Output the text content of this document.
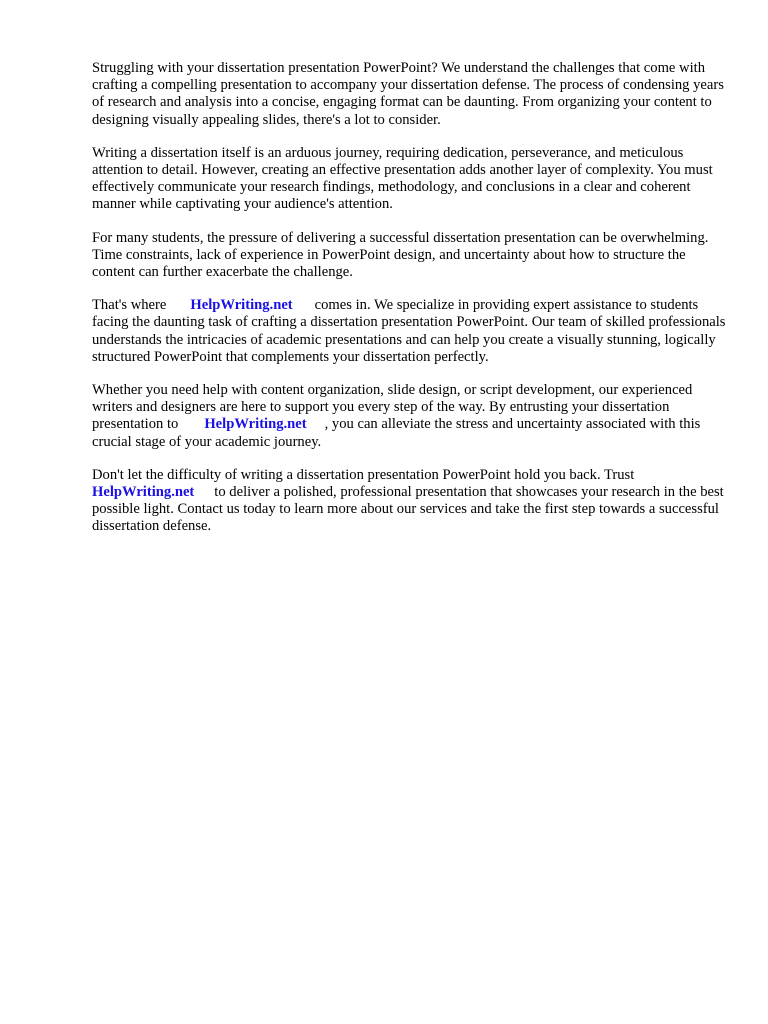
Struggling with your dissertation presentation PowerPoint? We understand the challenges that come with crafting a compelling presentation to accompany your dissertation defense. The process of condensing years of research and analysis into a concise, engaging format can be daunting. From organizing your content to designing visually appealing slides, there's a lot to consider.

Writing a dissertation itself is an arduous journey, requiring dedication, perseverance, and meticulous attention to detail. However, creating an effective presentation adds another layer of complexity. You must effectively communicate your research findings, methodology, and conclusions in a clear and coherent manner while captivating your audience's attention.

For many students, the pressure of delivering a successful dissertation presentation can be overwhelming. Time constraints, lack of experience in PowerPoint design, and uncertainty about how to structure the content can further exacerbate the challenge.

That's where HelpWriting.net comes in. We specialize in providing expert assistance to students facing the daunting task of crafting a dissertation presentation PowerPoint. Our team of skilled professionals understands the intricacies of academic presentations and can help you create a visually stunning, logically structured PowerPoint that complements your dissertation perfectly.

Whether you need help with content organization, slide design, or script development, our experienced writers and designers are here to support you every step of the way. By entrusting your dissertation presentation to HelpWriting.net , you can alleviate the stress and uncertainty associated with this crucial stage of your academic journey.

Don't let the difficulty of writing a dissertation presentation PowerPoint hold you back. Trust HelpWriting.net to deliver a polished, professional presentation that showcases your research in the best possible light. Contact us today to learn more about our services and take the first step towards a successful dissertation defense.
